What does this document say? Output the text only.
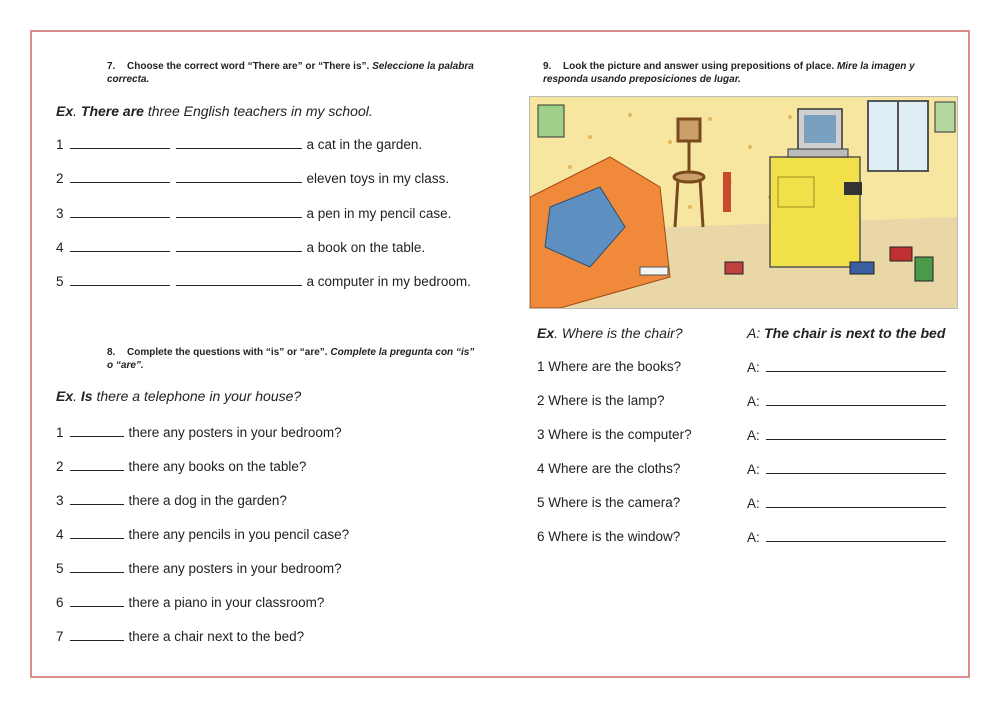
7. Choose the correct word “There are” or “There is”. Seleccione la palabra correcta.
Ex. There are three English teachers in my school.
1	a cat in the garden.
2	eleven toys in my class.
3	a pen in my pencil case.
4	a book on the table.
5	a computer in my bedroom.
8. Complete the questions with “is” or “are”. Complete la pregunta con “is” o “are”.
Ex. Is there a telephone in your house?
1	there any posters in your bedroom?
2	there any books on the table?
3	there a dog in the garden?
4	there any pencils in you pencil case?
5	there any posters in your bedroom?
6	there a piano in your classroom?
7	there a chair next to the bed?
9. Look the picture and answer using prepositions of place. Mire la imagen y responda usando preposiciones de lugar.
Ex. Where is the chair?	A: The chair is next to the bed
1 Where are the books?	A:
2 Where is the lamp?	A:
3 Where is the computer?	A:
4 Where are the cloths?	A:
5 Where is the camera?	A:
6 Where is the window?	A:
